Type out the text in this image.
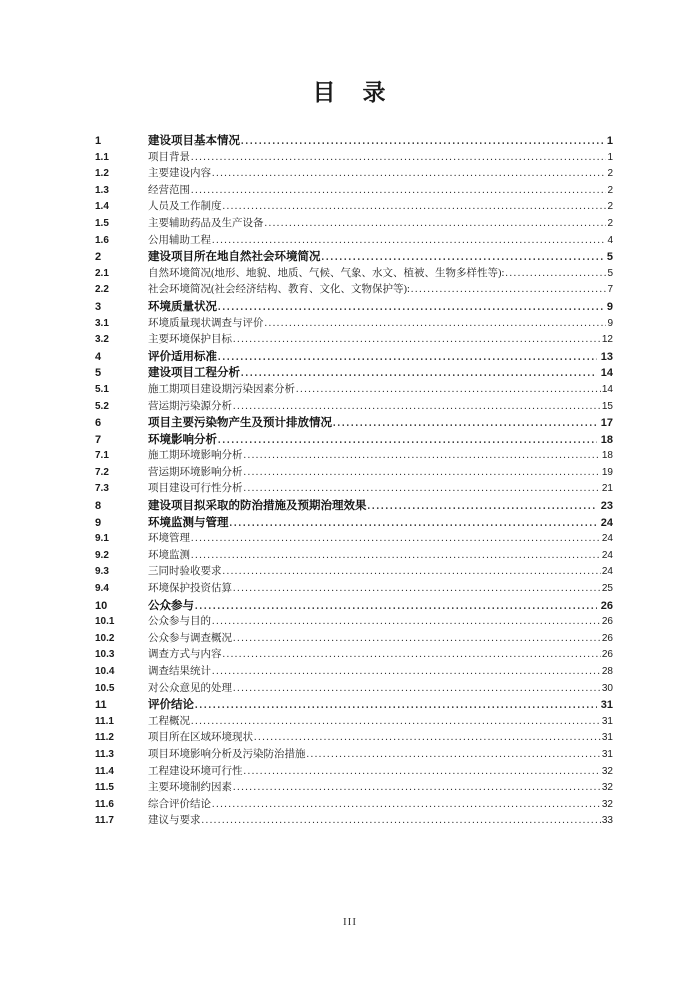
目　录
1	建设项目基本情况 .....	1
1.1	项目背景 .....	1
1.2	主要建设内容 .....	2
1.3	经营范围 .....	2
1.4	人员及工作制度 .....	2
1.5	主要辅助药品及生产设备 .....	2
1.6	公用辅助工程 .....	4
2	建设项目所在地自然社会环境简况 .....	5
2.1	自然环境简况(地形、地貌、地质、气候、气象、水文、植被、生物多样性等): .....	5
2.2	社会环境简况(社会经济结构、教育、文化、文物保护等): .....	7
3	环境质量状况 .....	9
3.1	环境质量现状调查与评价 .....	9
3.2	主要环境保护目标 .....	12
4	评价适用标准 .....	13
5	建设项目工程分析 .....	14
5.1	施工期项目建设期污染因素分析 .....	14
5.2	营运期污染源分析 .....	15
6	项目主要污染物产生及预计排放情况 .....	17
7	环境影响分析 .....	18
7.1	施工期环境影响分析 .....	18
7.2	营运期环境影响分析 .....	19
7.3	项目建设可行性分析 .....	21
8	建设项目拟采取的防治措施及预期治理效果 .....	23
9	环境监测与管理 .....	24
9.1	环境管理 .....	24
9.2	环境监测 .....	24
9.3	三同时验收要求 .....	24
9.4	环境保护投资估算 .....	25
10	公众参与 .....	26
10.1	公众参与目的 .....	26
10.2	公众参与调查概况 .....	26
10.3	调查方式与内容 .....	26
10.4	调查结果统计 .....	28
10.5	对公众意见的处理 .....	30
11	评价结论 .....	31
11.1	工程概况 .....	31
11.2	项目所在区域环境现状 .....	31
11.3	项目环境影响分析及污染防治措施 .....	31
11.4	工程建设环境可行性 .....	32
11.5	主要环境制约因素 .....	32
11.6	综合评价结论 .....	32
11.7	建议与要求 .....	33
III
